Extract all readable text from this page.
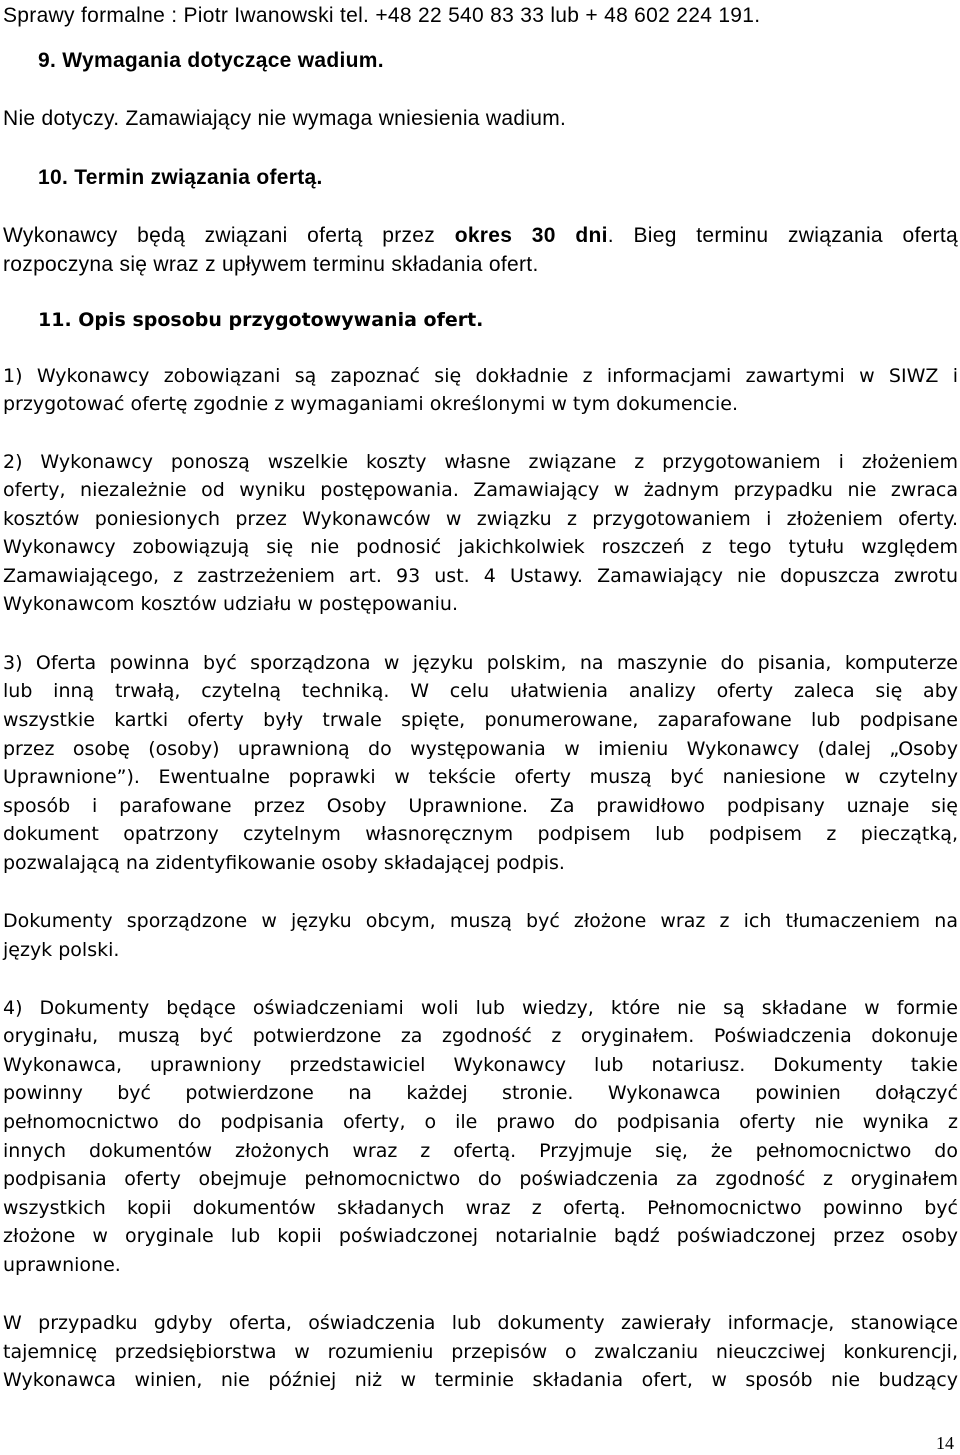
Sprawy formalne : Piotr Iwanowski tel. +48 22 540 83 33 lub + 48 602 224 191.
9. Wymagania dotyczące wadium.
Nie dotyczy. Zamawiający nie wymaga wniesienia wadium.
10. Termin związania ofertą.
Wykonawcy będą związani ofertą przez okres 30 dni. Bieg terminu związania ofertą
rozpoczyna się wraz z upływem terminu składania ofert.
11. Opis sposobu przygotowywania ofert.
1) Wykonawcy zobowiązani są zapoznać się dokładnie z informacjami zawartymi w SIWZ i
przygotować ofertę zgodnie z wymaganiami określonymi w tym dokumencie.
2) Wykonawcy ponoszą wszelkie koszty własne związane z przygotowaniem i złożeniem
oferty, niezależnie od wyniku postępowania. Zamawiający w żadnym przypadku nie zwraca
kosztów poniesionych przez Wykonawców w związku z przygotowaniem i złożeniem oferty.
Wykonawcy zobowiązują się nie podnosić jakichkolwiek roszczeń z tego tytułu względem
Zamawiającego, z zastrzeżeniem art. 93 ust. 4 Ustawy. Zamawiający nie dopuszcza zwrotu
Wykonawcom kosztów udziału w postępowaniu.
3) Oferta powinna być sporządzona w języku polskim, na maszynie do pisania, komputerze
lub inną trwałą, czytelną techniką. W celu ułatwienia analizy oferty zaleca się aby
wszystkie kartki oferty były trwale spięte, ponumerowane, zaparafowane lub podpisane
przez osobę (osoby) uprawnioną do występowania w imieniu Wykonawcy (dalej „Osoby
Uprawnione”). Ewentualne poprawki w tekście oferty muszą być naniesione w czytelny
sposób i parafowane przez Osoby Uprawnione. Za prawidłowo podpisany uznaje się
dokument opatrzony czytelnym własnoręcznym podpisem lub podpisem z pieczątką,
pozwalającą na zidentyfikowanie osoby składającej podpis.
Dokumenty sporządzone w języku obcym, muszą być złożone wraz z ich tłumaczeniem na
język polski.
4) Dokumenty będące oświadczeniami woli lub wiedzy, które nie są składane w formie
oryginału, muszą być potwierdzone za zgodność z oryginałem. Poświadczenia dokonuje
Wykonawca, uprawniony przedstawiciel Wykonawcy lub notariusz. Dokumenty takie
powinny być potwierdzone na każdej stronie. Wykonawca powinien dołączyć
pełnomocnictwo do podpisania oferty, o ile prawo do podpisania oferty nie wynika z
innych dokumentów złożonych wraz z ofertą. Przyjmuje się, że pełnomocnictwo do
podpisania oferty obejmuje pełnomocnictwo do poświadczenia za zgodność z oryginałem
wszystkich kopii dokumentów składanych wraz z ofertą. Pełnomocnictwo powinno być
złożone w oryginale lub kopii poświadczonej notarialnie bądź poświadczonej przez osoby
uprawnione.
W przypadku gdyby oferta, oświadczenia lub dokumenty zawierały informacje, stanowiące
tajemnicę przedsiębiorstwa w rozumieniu przepisów o zwalczaniu nieuczciwej konkurencji,
Wykonawca winien, nie później niż w terminie składania ofert, w sposób nie budzący
14
